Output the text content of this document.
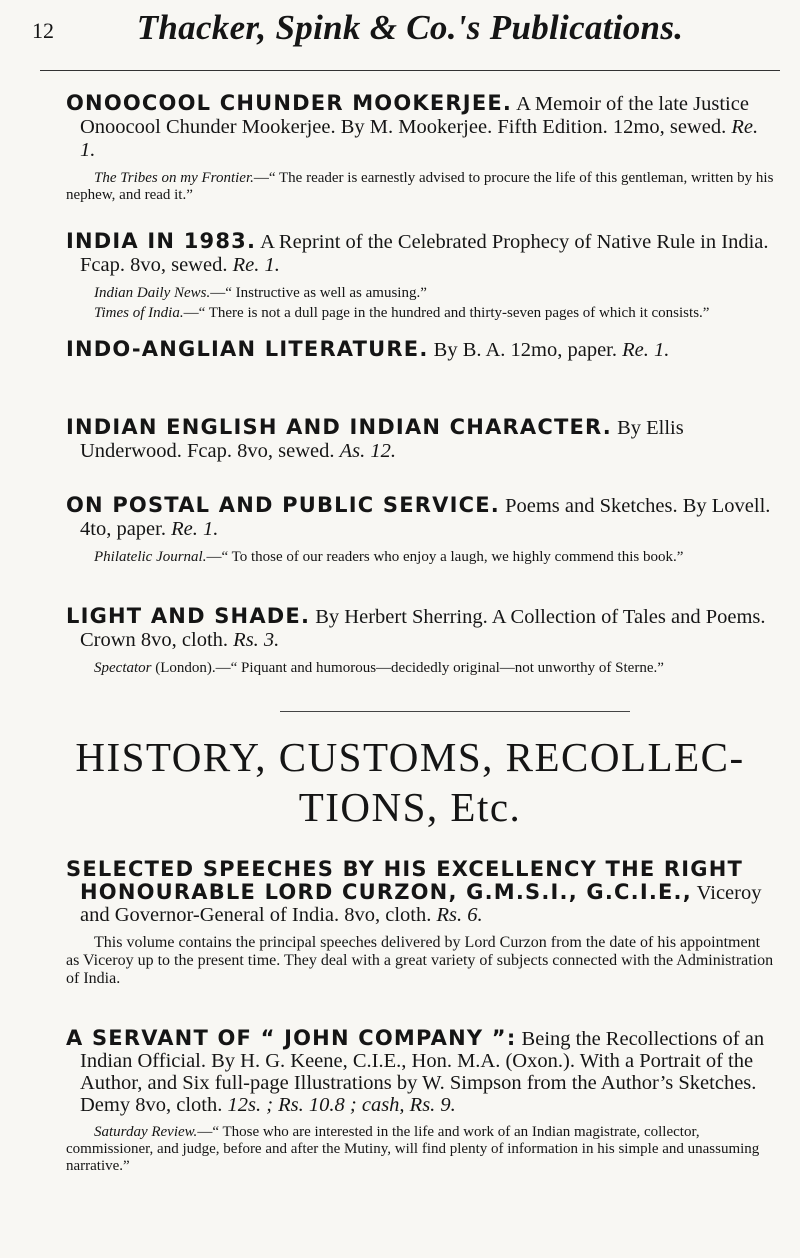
12	Thacker, Spink & Co.'s Publications.
ONOOCOOL CHUNDER MOOKERJEE. A Memoir of the late Justice Onoocool Chunder Mookerjee. By M. Mookerjee. Fifth Edition. 12mo, sewed. Re. 1.
The Tribes on my Frontier.—“ The reader is earnestly advised to procure the life of this gentleman, written by his nephew, and read it.”
INDIA IN 1983. A Reprint of the Celebrated Prophecy of Native Rule in India. Fcap. 8vo, sewed. Re. 1.
Indian Daily News.—“ Instructive as well as amusing.”
Times of India.—“ There is not a dull page in the hundred and thirty-seven pages of which it consists.”
INDO-ANGLIAN LITERATURE. By B. A. 12mo, paper. Re. 1.
INDIAN ENGLISH AND INDIAN CHARACTER. By Ellis Underwood. Fcap. 8vo, sewed. As. 12.
ON POSTAL AND PUBLIC SERVICE. Poems and Sketches. By Lovell. 4to, paper. Re. 1.
Philatelic Journal.—“ To those of our readers who enjoy a laugh, we highly commend this book.”
LIGHT AND SHADE. By Herbert Sherring. A Collection of Tales and Poems. Crown 8vo, cloth. Rs. 3.
Spectator (London).—“ Piquant and humorous—decidedly original—not unworthy of Sterne.”
HISTORY, CUSTOMS, RECOLLEC-
TIONS, Etc.
SELECTED SPEECHES BY HIS EXCELLENCY THE RIGHT HONOURABLE LORD CURZON, G.M.S.I., G.C.I.E., Viceroy and Governor-General of India. 8vo, cloth. Rs. 6.
This volume contains the principal speeches delivered by Lord Curzon from the date of his appointment as Viceroy up to the present time. They deal with a great variety of subjects connected with the Administration of India.
A SERVANT OF “ JOHN COMPANY ”: Being the Recollections of an Indian Official. By H. G. Keene, C.I.E., Hon. M.A. (Oxon.). With a Portrait of the Author, and Six full-page Illustrations by W. Simpson from the Author’s Sketches. Demy 8vo, cloth. 12s. ; Rs. 10.8 ; cash, Rs. 9.
Saturday Review.—“ Those who are interested in the life and work of an Indian magistrate, collector, commissioner, and judge, before and after the Mutiny, will find plenty of information in his simple and unassuming narrative.”
